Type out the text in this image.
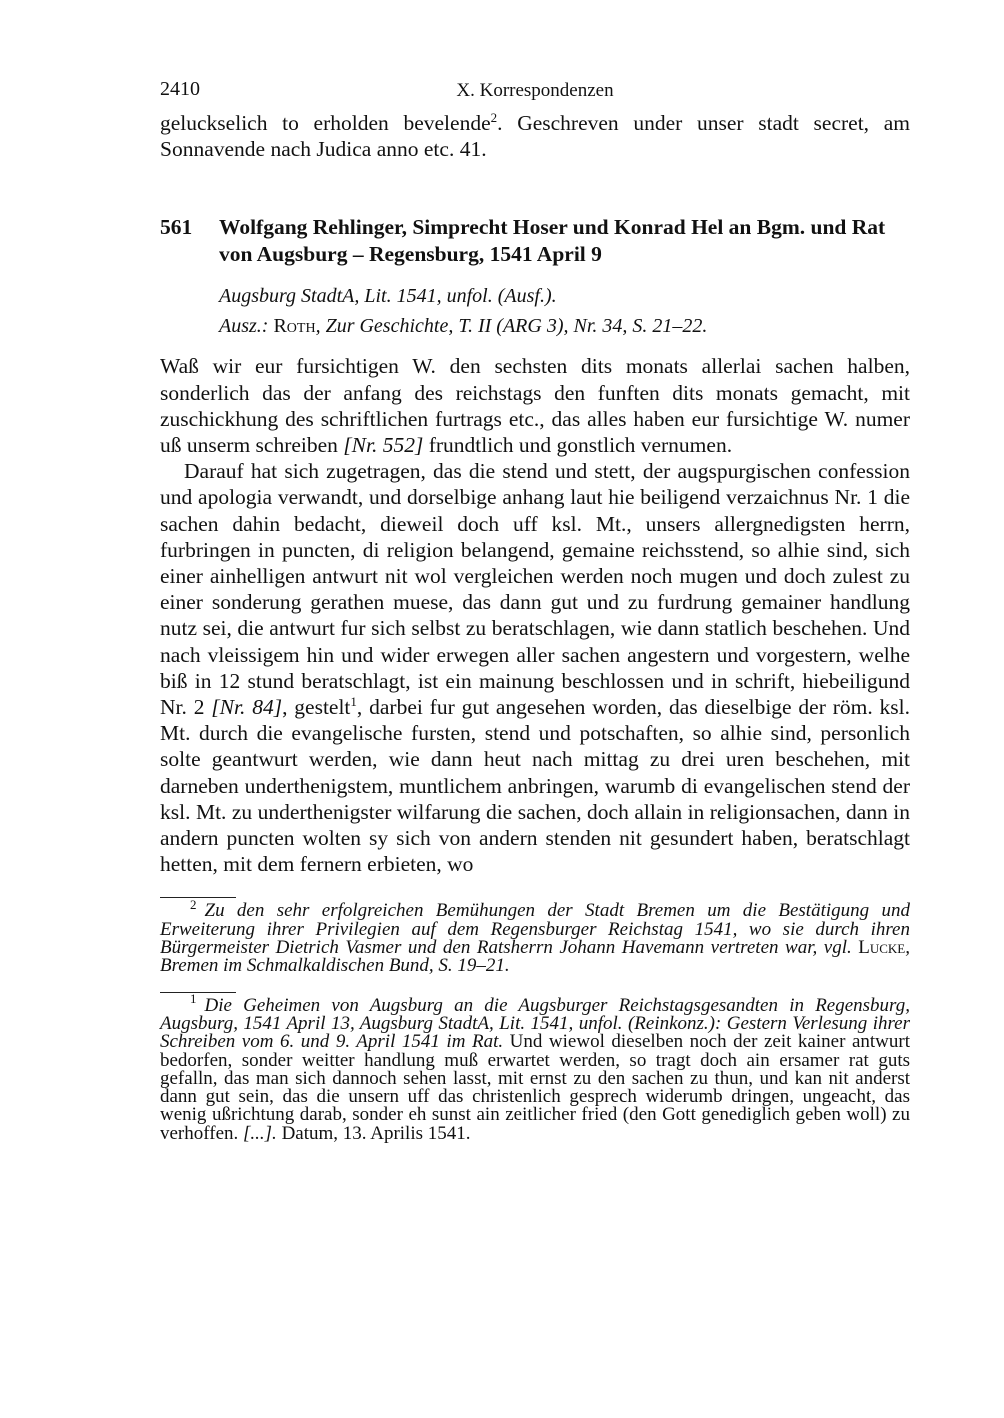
2410	X. Korrespondenzen

geluckselich to erholden bevelende$^2$. Geschreven under unser stadt secret, am Sonnavende nach Judica anno etc. 41.

561	Wolfgang Rehlinger, Simprecht Hoser und Konrad Hel an Bgm. und Rat von Augsburg – Regensburg, 1541 April 9
Augsburg StadtA, Lit. 1541, unfol. (Ausf.).
Ausz.: Roth, Zur Geschichte, T. II (ARG 3), Nr. 34, S. 21–22.

Waß wir eur fursichtigen W. den sechsten dits monats allerlai sachen halben, sonderlich das der anfang des reichstags den funften dits monats gemacht, mit zuschickhung des schriftlichen furtrags etc., das alles haben eur fursichtige W. numer uß unserm schreiben [Nr. 552] frundtlich und gonstlich vernumen.

Darauf hat sich zugetragen, das die stend und stett, der augspurgischen confession und apologia verwandt, und dorselbige anhang laut hie beiligend verzaichnus Nr. 1 die sachen dahin bedacht, dieweil doch uff ksl. Mt., unsers allergnedigsten herrn, furbringen in puncten, di religion belangend, gemaine reichsstend, so alhie sind, sich einer ainhelligen antwurt nit wol vergleichen werden noch mugen und doch zulest zu einer sonderung gerathen muese, das dann gut und zu furdrung gemainer handlung nutz sei, die antwurt fur sich selbst zu beratschlagen, wie dann statlich beschehen. Und nach vleissigem hin und wider erwegen aller sachen angestern und vorgestern, welhe biß in 12 stund beratschlagt, ist ein mainung beschlossen und in schrift, hiebeiligund Nr. 2 [Nr. 84], gestelt$^1$, darbei fur gut angesehen worden, das dieselbige der röm. ksl. Mt. durch die evangelische fursten, stend und potschaften, so alhie sind, personlich solte geantwurt werden, wie dann heut nach mittag zu drei uren beschehen, mit darneben underthenigstem, muntlichem anbringen, warumb di evangelischen stend der ksl. Mt. zu underthenigster wilfarung die sachen, doch allain in religionsachen, dann in andern puncten wolten sy sich von andern stenden nit gesundert haben, beratschlagt hetten, mit dem fernern erbieten, wo

$^2$ Zu den sehr erfolgreichen Bemühungen der Stadt Bremen um die Bestätigung und Erweiterung ihrer Privilegien auf dem Regensburger Reichstag 1541, wo sie durch ihren Bürgermeister Dietrich Vasmer und den Ratsherrn Johann Havemann vertreten war, vgl. Lucke, Bremen im Schmalkaldischen Bund, S. 19–21.

$^1$ Die Geheimen von Augsburg an die Augsburger Reichstagsgesandten in Regensburg, Augsburg, 1541 April 13, Augsburg StadtA, Lit. 1541, unfol. (Reinkonz.): Gestern Verlesung ihrer Schreiben vom 6. und 9. April 1541 im Rat. Und wiewol dieselben noch der zeit kainer antwurt bedorfen, sonder weitter handlung muß erwartet werden, so tragt doch ain ersamer rat guts gefalln, das man sich dannoch sehen lasst, mit ernst zu den sachen zu thun, und kan nit anderst dann gut sein, das die unsern uff das christenlich gesprech widerumb dringen, ungeacht, das wenig ußrichtung darab, sonder eh sunst ain zeitlicher fried (den Gott genediglich geben woll) zu verhoffen. [...]. Datum, 13. Aprilis 1541.
